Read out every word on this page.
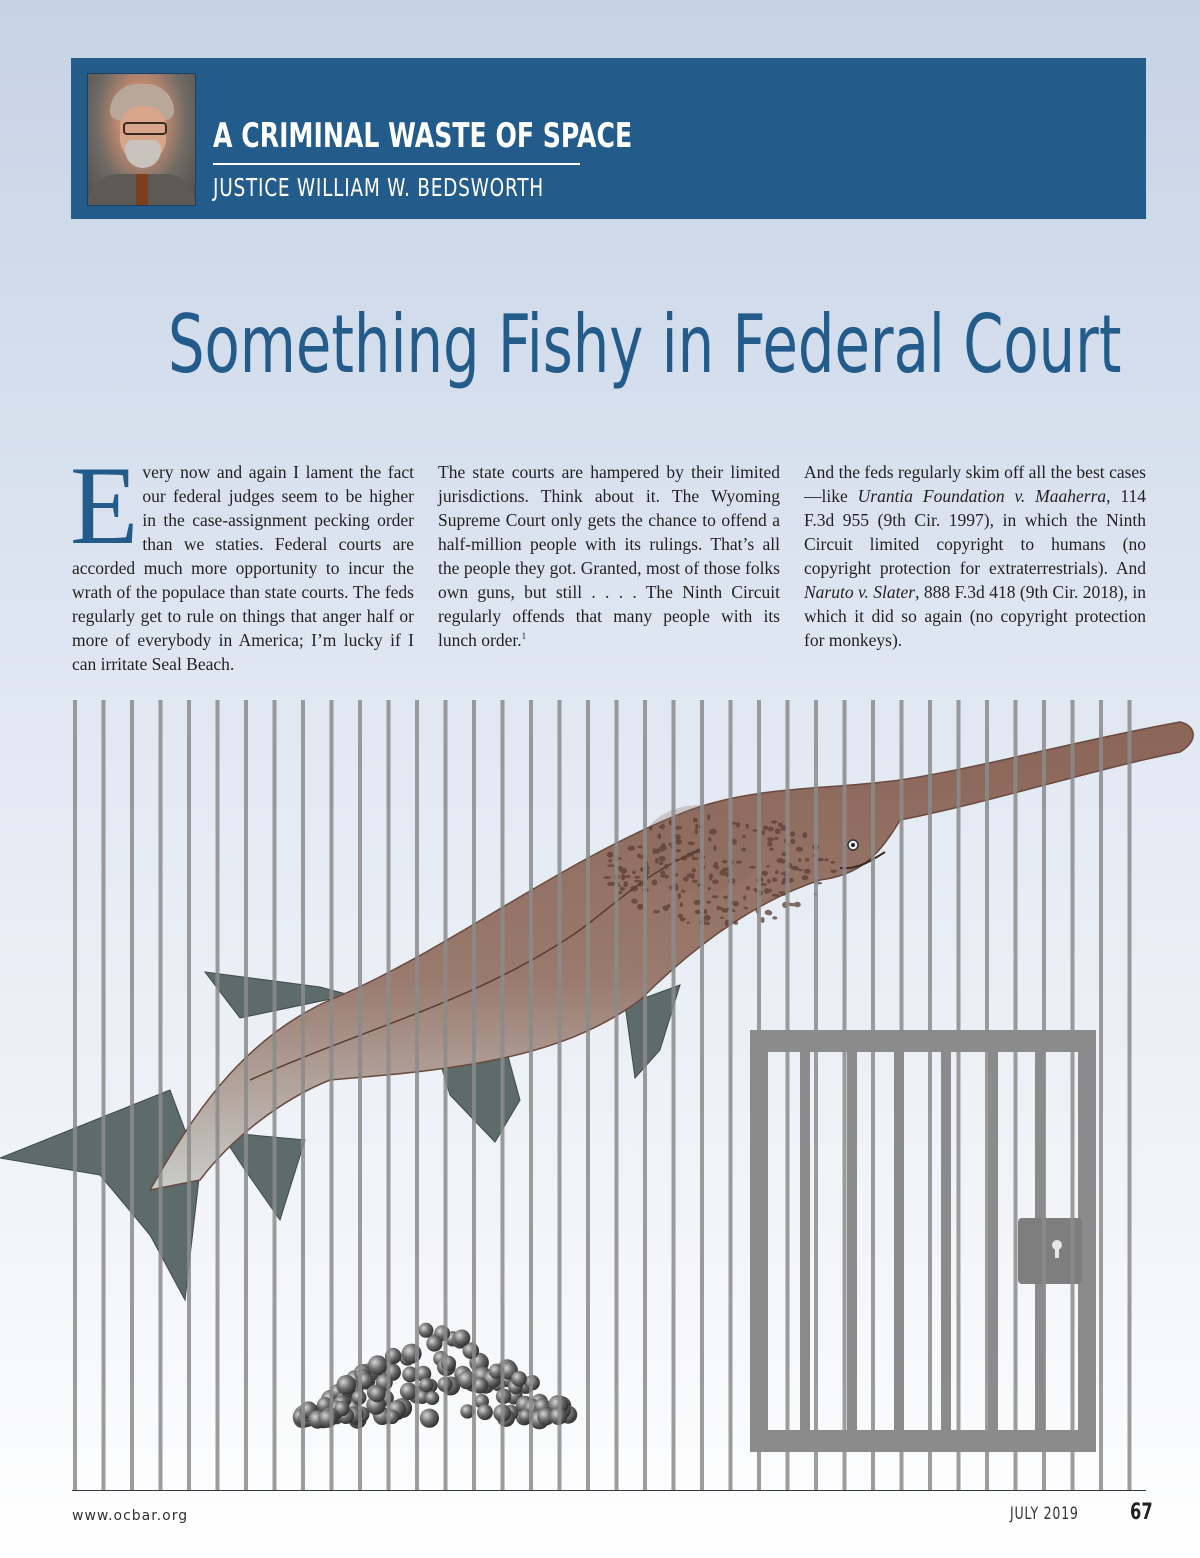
A CRIMINAL WASTE OF SPACE
JUSTICE WILLIAM W. BEDSWORTH
Something Fishy in Federal Court

Every now and again I lament the fact our federal judges seem to be higher in the case-assignment pecking order than we staties. Federal courts are accorded much more opportunity to incur the wrath of the populace than state courts. The feds regularly get to rule on things that anger half or more of everybody in America; I’m lucky if I can irritate Seal Beach.

The state courts are hampered by their limited jurisdictions. Think about it. The Wyoming Supreme Court only gets the chance to offend a half-million people with its rulings. That’s all the people they got. Granted, most of those folks own guns, but still . . . . The Ninth Circuit regularly offends that many people with its lunch order.$^1$

And the feds regularly skim off all the best cases—like Urantia Foundation v. Maaherra, 114 F.3d 955 (9th Cir. 1997), in which the Ninth Circuit limited copyright to humans (no copyright protection for extraterrestrials). And Naruto v. Slater, 888 F.3d 418 (9th Cir. 2018), in which it did so again (no copyright protection for monkeys).

www.ocbar.org	JULY 2019 67
